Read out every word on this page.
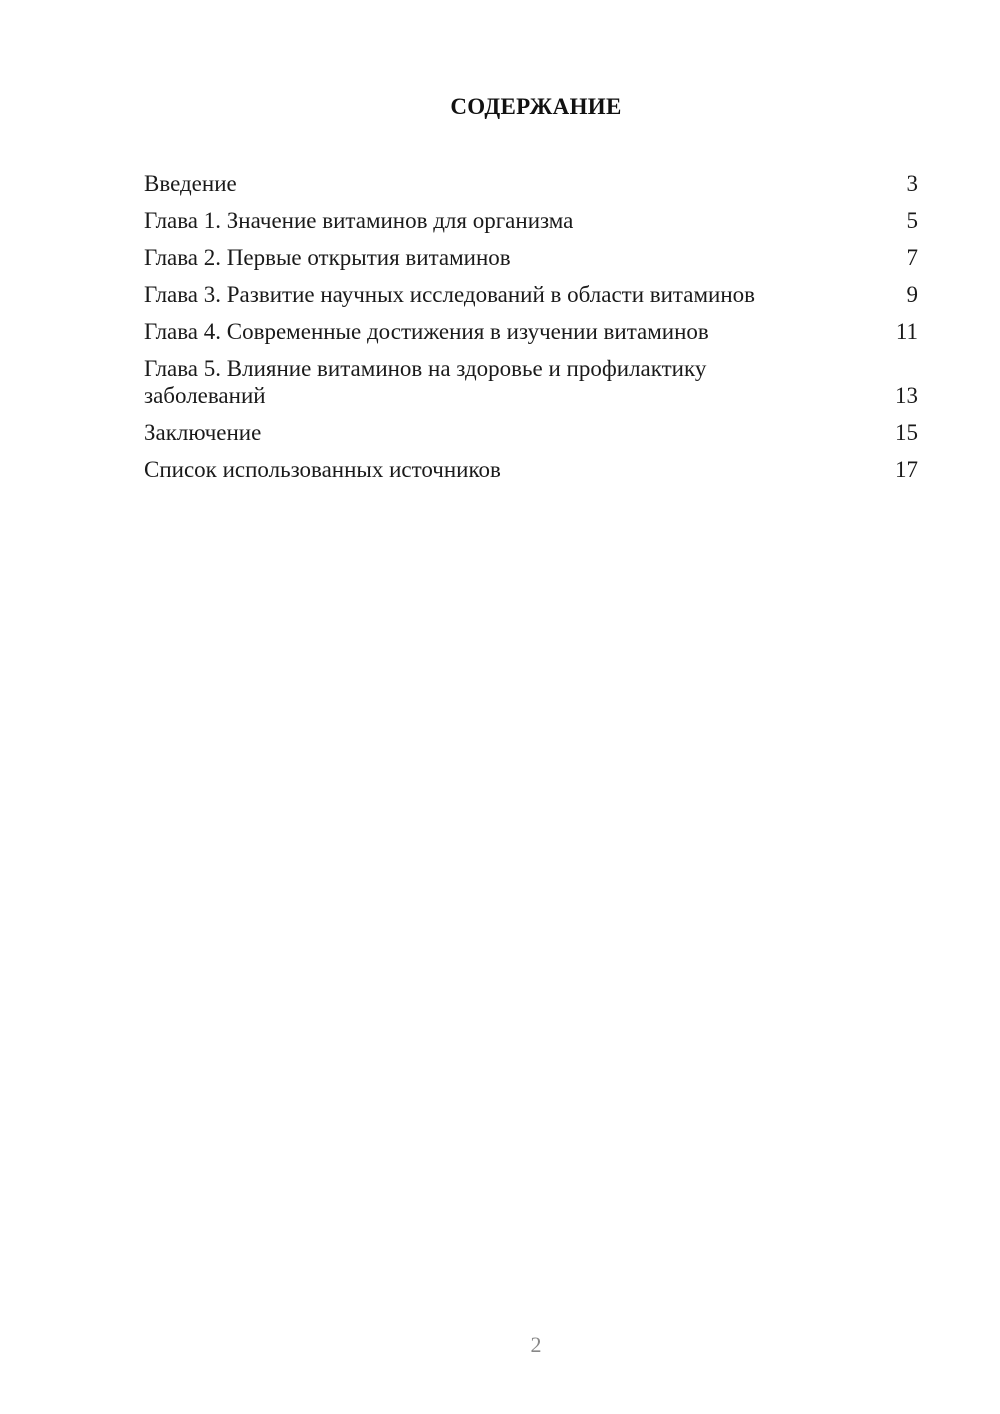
СОДЕРЖАНИЕ
Введение	3
Глава 1. Значение витаминов для организма	5
Глава 2. Первые открытия витаминов	7
Глава 3. Развитие научных исследований в области витаминов	9
Глава 4. Современные достижения в изучении витаминов	11
Глава 5. Влияние витаминов на здоровье и профилактику заболеваний	13
Заключение	15
Список использованных источников	17
2
